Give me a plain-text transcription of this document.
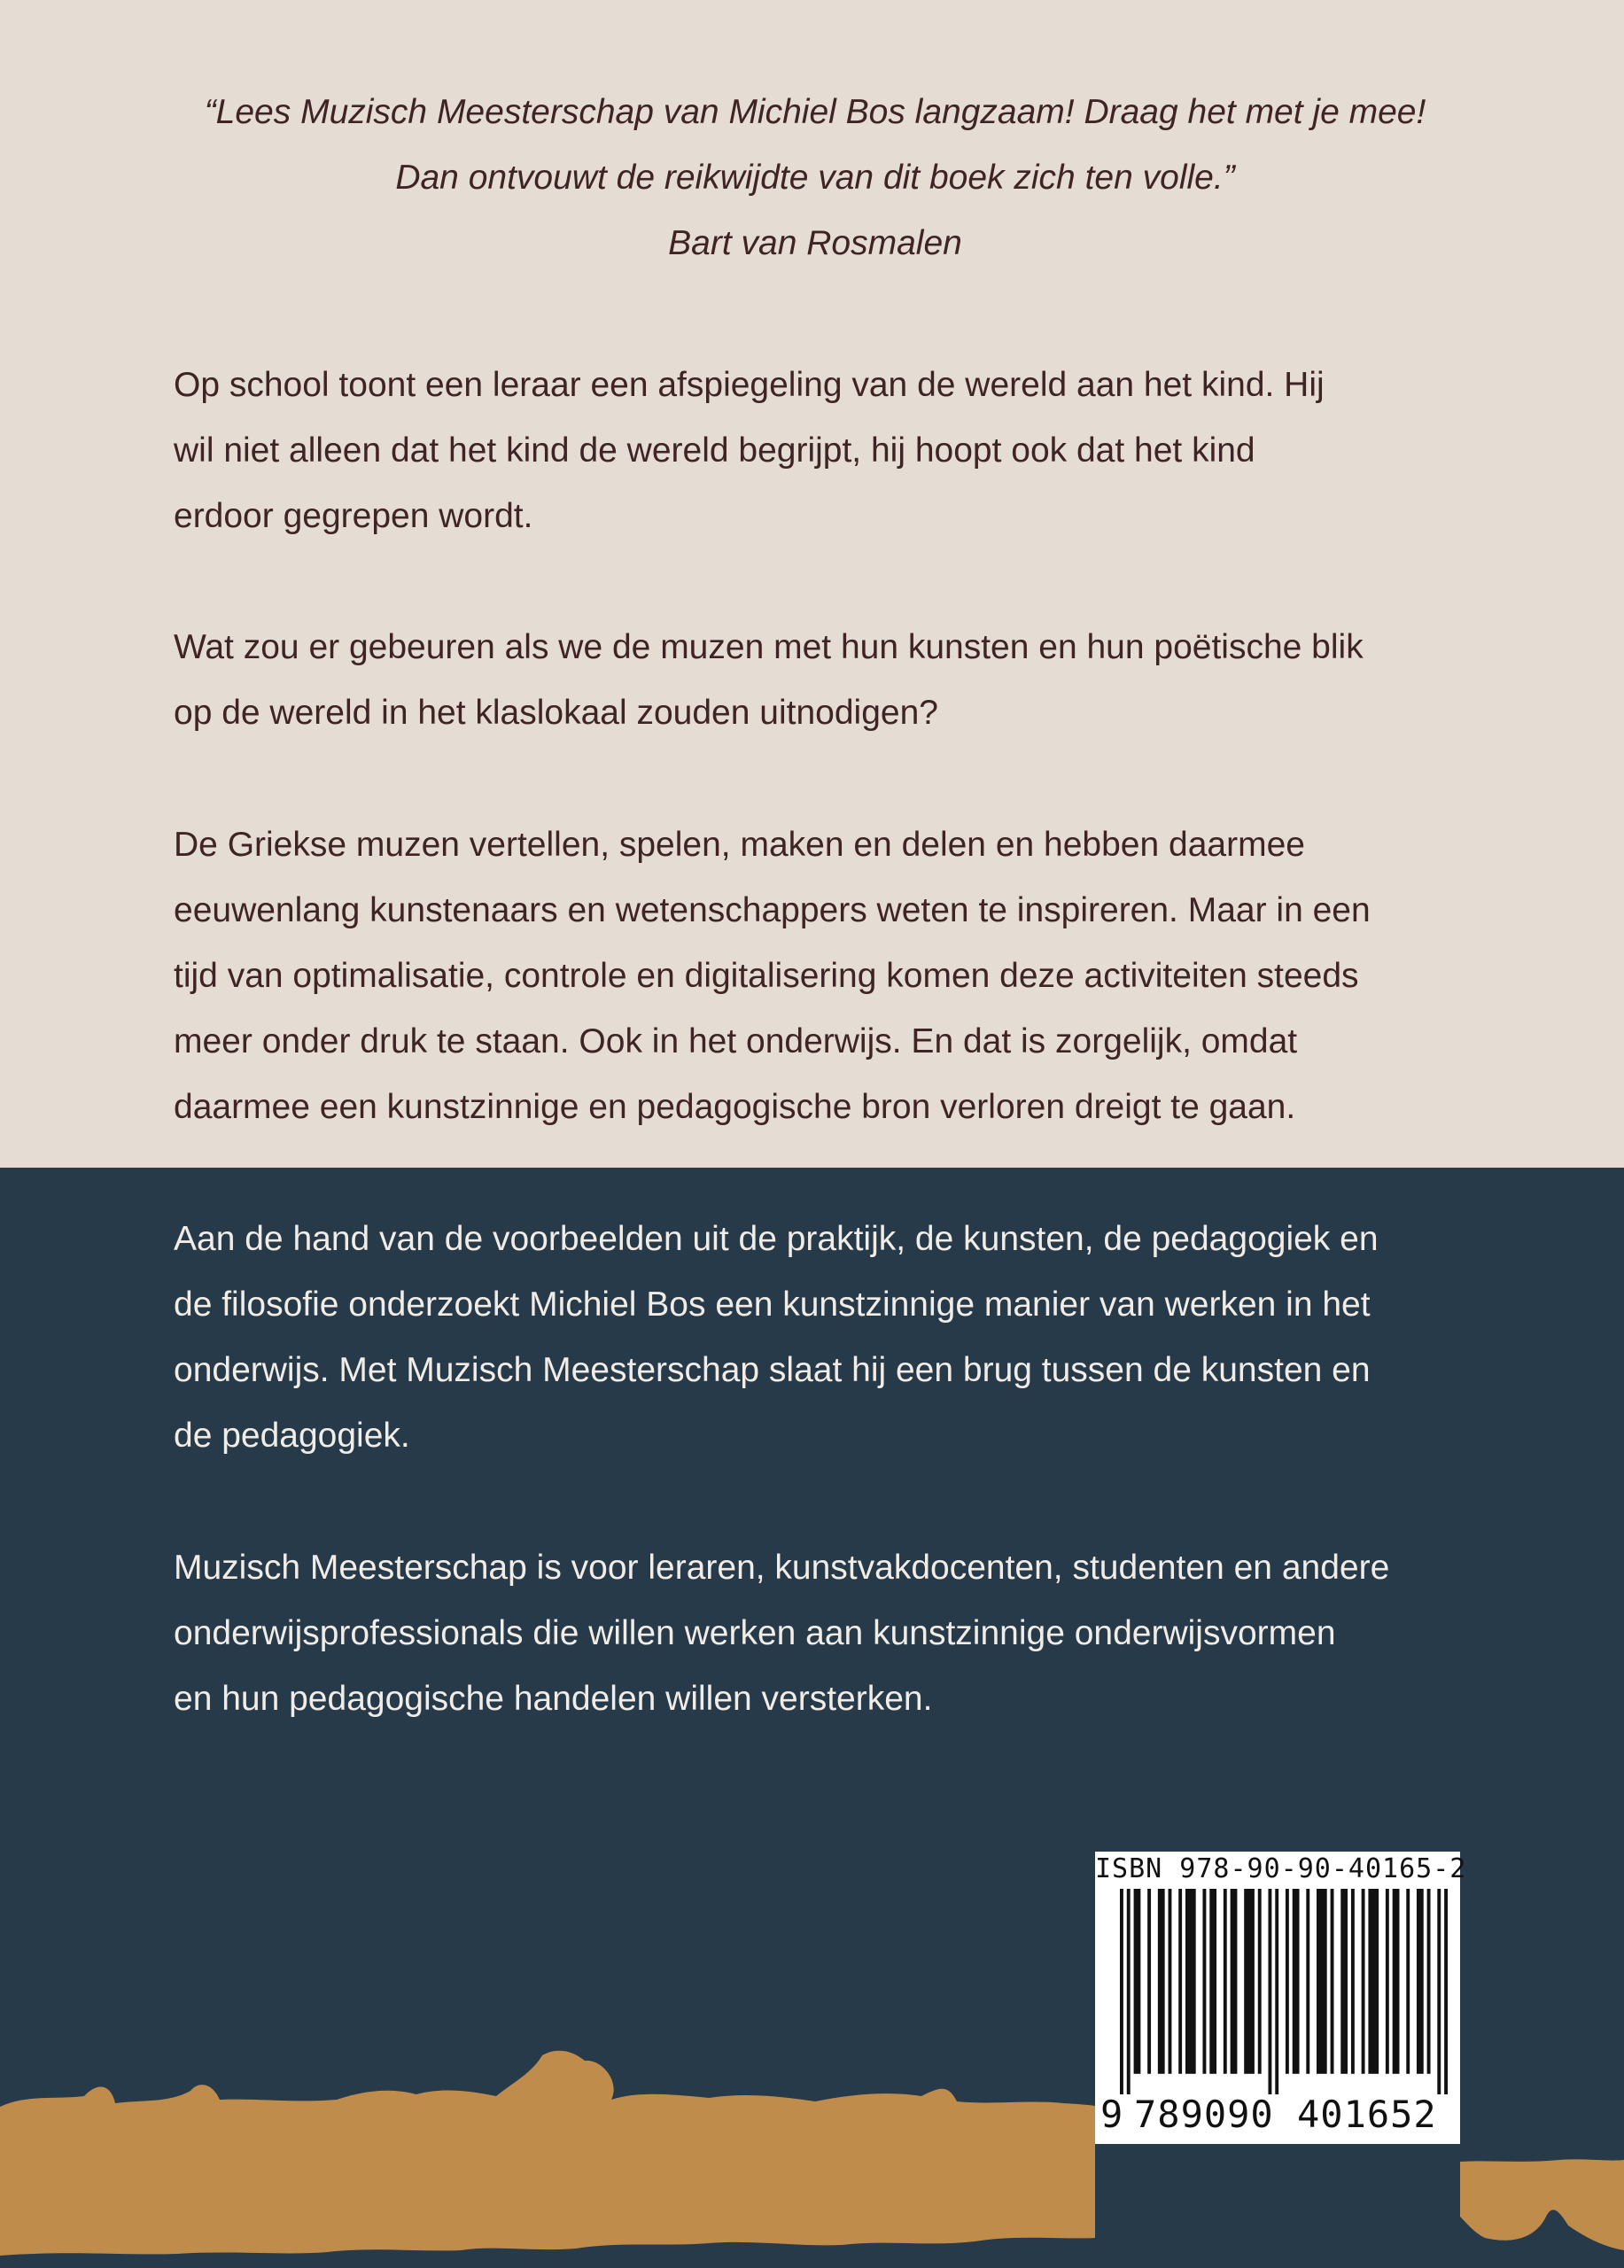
“Lees Muzisch Meesterschap van Michiel Bos langzaam! Draag het met je mee!
Dan ontvouwt de reikwijdte van dit boek zich ten volle.”
Bart van Rosmalen
Op school toont een leraar een afspiegeling van de wereld aan het kind. Hij
wil niet alleen dat het kind de wereld begrijpt, hij hoopt ook dat het kind
erdoor gegrepen wordt.
Wat zou er gebeuren als we de muzen met hun kunsten en hun poëtische blik
op de wereld in het klaslokaal zouden uitnodigen?
De Griekse muzen vertellen, spelen, maken en delen en hebben daarmee
eeuwenlang kunstenaars en wetenschappers weten te inspireren. Maar in een
tijd van optimalisatie, controle en digitalisering komen deze activiteiten steeds
meer onder druk te staan. Ook in het onderwijs. En dat is zorgelijk, omdat
daarmee een kunstzinnige en pedagogische bron verloren dreigt te gaan.
Aan de hand van de voorbeelden uit de praktijk, de kunsten, de pedagogiek en
de filosofie onderzoekt Michiel Bos een kunstzinnige manier van werken in het
onderwijs. Met Muzisch Meesterschap slaat hij een brug tussen de kunsten en
de pedagogiek.
Muzisch Meesterschap is voor leraren, kunstvakdocenten, studenten en andere
onderwijsprofessionals die willen werken aan kunstzinnige onderwijsvormen
en hun pedagogische handelen willen versterken.
ISBN 978-90-90-40165-2
9 789090 401652
